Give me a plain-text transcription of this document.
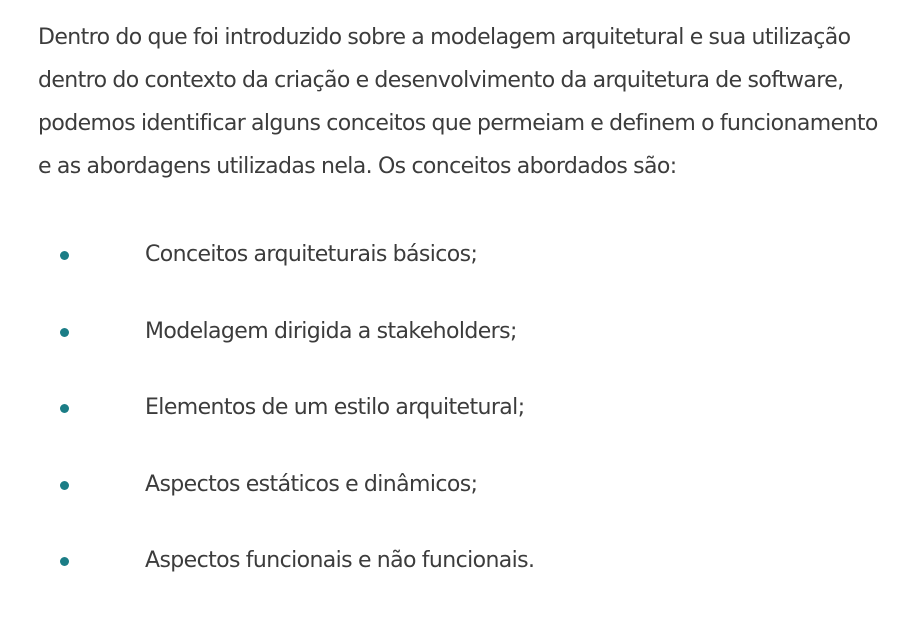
Dentro do que foi introduzido sobre a modelagem arquitetural e sua utilização
dentro do contexto da criação e desenvolvimento da arquitetura de software,
podemos identificar alguns conceitos que permeiam e definem o funcionamento
e as abordagens utilizadas nela. Os conceitos abordados são:

Conceitos arquiteturais básicos;
Modelagem dirigida a stakeholders;
Elementos de um estilo arquitetural;
Aspectos estáticos e dinâmicos;
Aspectos funcionais e não funcionais.
